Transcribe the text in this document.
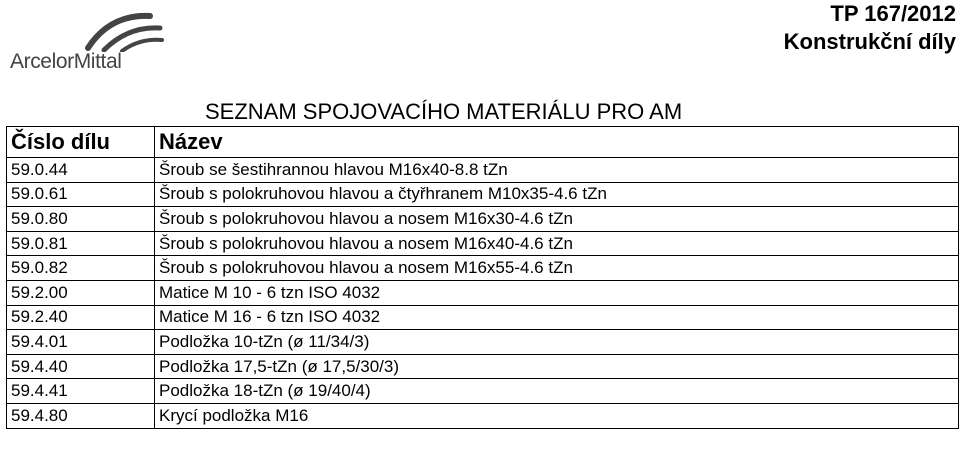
ArcelorMittal
TP 167/2012
Konstrukční díly
SEZNAM SPOJOVACÍHO MATERIÁLU PRO AM
Číslo dílu	Název
59.0.44	Šroub se šestihrannou hlavou M16x40-8.8 tZn
59.0.61	Šroub s polokruhovou hlavou a čtyřhranem M10x35-4.6 tZn
59.0.80	Šroub s polokruhovou hlavou a nosem M16x30-4.6 tZn
59.0.81	Šroub s polokruhovou hlavou a nosem M16x40-4.6 tZn
59.0.82	Šroub s polokruhovou hlavou a nosem M16x55-4.6 tZn
59.2.00	Matice M 10 - 6 tzn ISO 4032
59.2.40	Matice M 16 - 6 tzn ISO 4032
59.4.01	Podložka 10-tZn (ø 11/34/3)
59.4.40	Podložka 17,5-tZn (ø 17,5/30/3)
59.4.41	Podložka 18-tZn (ø 19/40/4)
59.4.80	Krycí podložka M16
